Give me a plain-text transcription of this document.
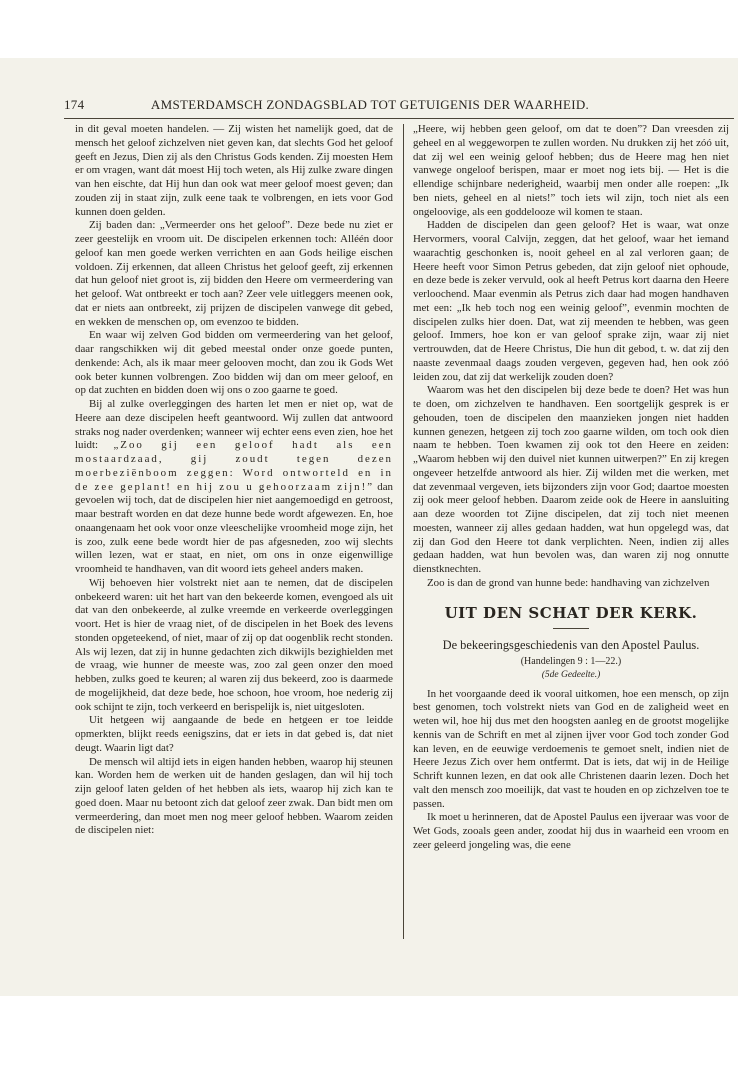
174	AMSTERDAMSCH ZONDAGSBLAD TOT GETUIGENIS DER WAARHEID.

in dit geval moeten handelen. — Zij wisten het namelijk goed, dat de mensch het geloof zichzelven niet geven kan, dat slechts God het geloof geeft en Jezus, Dien zij als den Christus Gods kenden. Zij moesten Hem er om vragen, want dát moest Hij toch weten, als Hij zulke zware dingen van hen eischte, dat Hij hun dan ook wat meer geloof moest geven; dan zouden zij in staat zijn, zulk eene taak te volbrengen, en iets voor God kunnen doen gelden.

Zij baden dan: „Vermeerder ons het geloof”. Deze bede nu ziet er zeer geestelijk en vroom uit. De discipelen erkennen toch: Alléén door geloof kan men goede werken verrichten en aan Gods heilige eischen voldoen. Zij erkennen, dat alleen Christus het geloof geeft, zij erkennen dat hun geloof niet groot is, zij bidden den Heere om vermeerdering van het geloof. Wat ontbreekt er toch aan? Zeer vele uitleggers meenen ook, dat er niets aan ontbreekt, zij prijzen de discipelen vanwege dit gebed, en wekken de menschen op, om evenzoo te bidden.

En waar wij zelven God bidden om vermeerdering van het geloof, daar rangschikken wij dit gebed meestal onder onze goede punten, denkende: Ach, als ik maar meer gelooven mocht, dan zou ik Gods Wet ook beter kunnen volbrengen. Zoo bidden wij dan om meer geloof, en op dat zuchten en bidden doen wij ons o zoo gaarne te goed.

Bij al zulke overleggingen des harten let men er niet op, wat de Heere aan deze discipelen heeft geantwoord. Wij zullen dat antwoord straks nog nader overdenken; wanneer wij echter eens even zien, hoe het luidt: „Zoo gij een geloof hadt als een mostaardzaad, gij zoudt tegen dezen moerbeziënboom zeggen: Word ontworteld en in de zee geplant! en hij zou u gehoorzaam zijn!” dan gevoelen wij toch, dat de discipelen hier niet aangemoedigd en getroost, maar bestraft worden en dat deze hunne bede wordt afgewezen. En, hoe onaangenaam het ook voor onze vleeschelijke vroomheid moge zijn, het is zoo, zulk eene bede wordt hier de pas afgesneden, zoo wij slechts willen lezen, wat er staat, en niet, om ons in onze eigenwillige vroomheid te handhaven, van dit woord iets geheel anders maken.

Wij behoeven hier volstrekt niet aan te nemen, dat de discipelen onbekeerd waren: uit het hart van den bekeerde komen, evengoed als uit dat van den onbekeerde, al zulke vreemde en verkeerde overleggingen voort. Het is hier de vraag niet, of de discipelen in het Boek des levens stonden opgeteekend, of niet, maar of zij op dat oogenblik recht stonden. Als wij lezen, dat zij in hunne gedachten zich dikwijls bezighielden met de vraag, wie hunner de meeste was, zoo zal geen onzer den moed hebben, zulks goed te keuren; al waren zij dus bekeerd, zoo is daarmede de mogelijkheid, dat deze bede, hoe schoon, hoe vroom, hoe nederig zij ook schijnt te zijn, toch verkeerd en berispelijk is, niet uitgesloten.

Uit hetgeen wij aangaande de bede en hetgeen er toe leidde opmerkten, blijkt reeds eenigszins, dat er iets in dat gebed is, dat niet deugt. Waarin ligt dat?

De mensch wil altijd iets in eigen handen hebben, waarop hij steunen kan. Worden hem de werken uit de handen geslagen, dan wil hij toch zijn geloof laten gelden of het hebben als iets, waarop hij zich kan te goed doen. Maar nu betoont zich dat geloof zeer zwak. Dan bidt men om vermeerdering, dan moet men nog meer geloof hebben. Waarom zeiden de discipelen niet:

„Heere, wij hebben geen geloof, om dat te doen”? Dan vreesden zij geheel en al weggeworpen te zullen worden. Nu drukken zij het zóó uit, dat zij wel een weinig geloof hebben; dus de Heere mag hen niet vanwege ongeloof berispen, maar er moet nog iets bij. — Het is die ellendige schijnbare nederigheid, waarbij men onder alle roepen: „Ik ben niets, geheel en al niets!” toch iets wil zijn, toch niet als een ongeloovige, als een goddelooze wil komen te staan.

Hadden de discipelen dan geen geloof? Het is waar, wat onze Hervormers, vooral Calvijn, zeggen, dat het geloof, waar het iemand waarachtig geschonken is, nooit geheel en al zal verloren gaan; de Heere heeft voor Simon Petrus gebeden, dat zijn geloof niet ophoude, en deze bede is zeker vervuld, ook al heeft Petrus kort daarna den Heere verloochend. Maar evenmin als Petrus zich daar had mogen handhaven met een: „Ik heb toch nog een weinig geloof”, evenmin mochten de discipelen zulks hier doen. Dat, wat zij meenden te hebben, was geen geloof. Immers, hoe kon er van geloof sprake zijn, waar zij niet vertrouwden, dat de Heere Christus, Die hun dit gebod, t. w. dat zij den naaste zevenmaal daags zouden vergeven, gegeven had, hen ook zóó leiden zou, dat zij dat werkelijk zouden doen?

Waarom was het den discipelen bij deze bede te doen? Het was hun te doen, om zichzelven te handhaven. Een soortgelijk gesprek is er gehouden, toen de discipelen den maanzieken jongen niet hadden kunnen genezen, hetgeen zij toch zoo gaarne wilden, om toch ook dien naam te hebben. Toen kwamen zij ook tot den Heere en zeiden: „Waarom hebben wij den duivel niet kunnen uitwerpen?” En zij kregen ongeveer hetzelfde antwoord als hier. Zij wilden met die werken, met dat zevenmaal vergeven, iets bijzonders zijn voor God; daartoe moesten zij ook meer geloof hebben. Daarom zeide ook de Heere in aansluiting aan deze woorden tot Zijne discipelen, dat zij toch niet meenen moesten, wanneer zij alles gedaan hadden, wat hun opgelegd was, dat zij dan God den Heere tot dank verplichten. Neen, indien zij alles gedaan hadden, wat hun bevolen was, dan waren zij nog onnutte dienstknechten.

Zoo is dan de grond van hunne bede: handhaving van zichzelven

UIT DEN SCHAT DER KERK.
De bekeeringsgeschiedenis van den Apostel Paulus.
(Handelingen 9 : 1—22.)
(5de Gedeelte.)

In het voorgaande deed ik vooral uitkomen, hoe een mensch, op zijn best genomen, toch volstrekt niets van God en de zaligheid weet en weten wil, hoe hij dus met den hoogsten aanleg en de grootst mogelijke kennis van de Schrift en met al zijnen ijver voor God toch zonder God kan leven, en de eeuwige verdoemenis te gemoet snelt, indien niet de Heere Jezus Zich over hem ontfermt. Dat is iets, dat wij in de Heilige Schrift kunnen lezen, en dat ook alle Christenen daarin lezen. Doch het valt den mensch zoo moeilijk, dat vast te houden en op zichzelven toe te passen.

Ik moet u herinneren, dat de Apostel Paulus een ijveraar was voor de Wet Gods, zooals geen ander, zoodat hij dus in waarheid een vroom en zeer geleerd jongeling was, die eene
